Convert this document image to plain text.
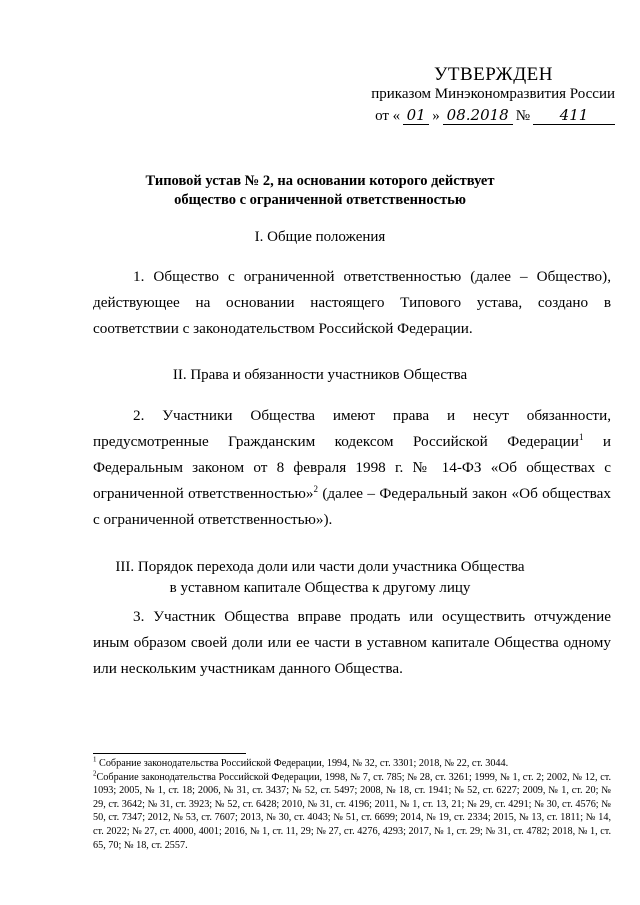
УТВЕРЖДЕН
приказом Минэкономразвития России
от « 01 » 08.2018 №	411
Типовой устав № 2, на основании которого действует
общество с ограниченной ответственностью
I. Общие положения
1. Общество с ограниченной ответственностью (далее – Общество), действующее на основании настоящего Типового устава, создано в соответствии с законодательством Российской Федерации.
II. Права и обязанности участников Общества
2. Участники Общества имеют права и несут обязанности, предусмотренные Гражданским кодексом Российской Федерации$^1$ и Федеральным законом от 8 февраля 1998 г. № 14-ФЗ «Об обществах с ограниченной ответственностью»$^2$ (далее – Федеральный закон «Об обществах с ограниченной ответственностью»).
III. Порядок перехода доли или части доли участника Общества
в уставном капитале Общества к другому лицу
3. Участник Общества вправе продать или осуществить отчуждение иным образом своей доли или ее части в уставном капитале Общества одному или нескольким участникам данного Общества.

$^1$ Собрание законодательства Российской Федерации, 1994, № 32, ст. 3301; 2018, № 22, ст. 3044.

$^2$Собрание законодательства Российской Федерации, 1998, № 7, ст. 785; № 28, ст. 3261; 1999, № 1, ст. 2; 2002, № 12, ст. 1093; 2005, № 1, ст. 18; 2006, № 31, ст. 3437; № 52, ст. 5497; 2008, № 18, ст. 1941; № 52, ст. 6227; 2009, № 1, ст. 20; № 29, ст. 3642; № 31, ст. 3923; № 52, ст. 6428; 2010, № 31, ст. 4196; 2011, № 1, ст. 13, 21; № 29, ст. 4291; № 30, ст. 4576; № 50, ст. 7347; 2012, № 53, ст. 7607; 2013, № 30, ст. 4043; № 51, ст. 6699; 2014, № 19, ст. 2334; 2015, № 13, ст. 1811; № 14, ст. 2022; № 27, ст. 4000, 4001; 2016, № 1, ст. 11, 29; № 27, ст. 4276, 4293; 2017, № 1, ст. 29; № 31, ст. 4782; 2018, № 1, ст. 65, 70; № 18, ст. 2557.
